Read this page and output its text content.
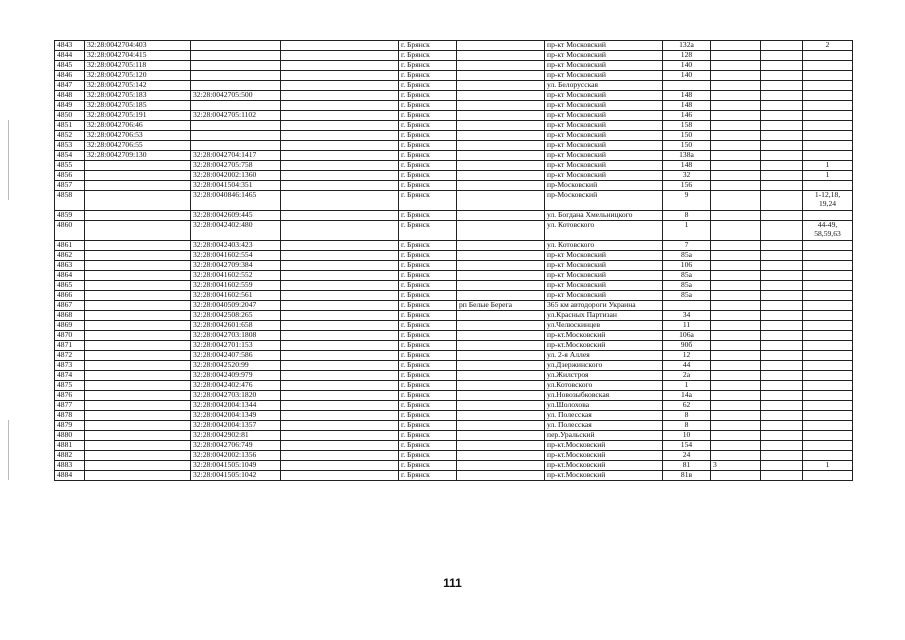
4843	32:28:0042704:403			г. Брянск		пр-кт Московский	132а			2

4844	32:28:0042704:415			г. Брянск		пр-кт Московский	128			
4845	32:28:0042705:118			г. Брянск		пр-кт Московский	140			
4846	32:28:0042705:120			г. Брянск		пр-кт Московский	140			
4847	32:28:0042705:142			г. Брянск		ул. Белорусская				
4848	32:28:0042705:183	32:28:0042705:500		г. Брянск		пр-кт Московский	148			
4849	32:28:0042705:185			г. Брянск		пр-кт Московский	148			
4850	32:28:0042705:191	32:28:0042705:1102		г. Брянск		пр-кт Московский	146			
4851	32:28:0042706:46			г. Брянск		пр-кт Московский	158			
4852	32:28:0042706:53			г. Брянск		пр-кт Московский	150			
4853	32:28:0042706:55			г. Брянск		пр-кт Московский	150			
4854	32:28:0042709:130	32:28:0042704:1417		г. Брянск		пр-кт Московский	138а			
4855		32:28:0042705:758		г. Брянск		пр-кт Московский	148			1

4856		32:28:0042002:1360		г. Брянск		пр-кт Московский	32			1

4857		32:28:0041504:351		г. Брянск		пр-Московский	156			
4858		32:28:0040846:1465		г. Брянск		пр-Московский	9			1-12,18,
19,24

4859		32:28:0042609:445		г. Брянск		ул. Богдана Хмельницкого	8			
4860		32:28:0042402:480		г. Брянск		ул. Котовского	1			44-49,
58,59,63

4861		32:28:0042403:423		г. Брянск		ул. Котовского	7			
4862		32:28:0041602:554		г. Брянск		пр-кт Московский	85а			
4863		32:28:0042709:384		г. Брянск		пр-кт Московский	106			
4864		32:28:0041602:552		г. Брянск		пр-кт Московский	85а			
4865		32:28:0041602:559		г. Брянск		пр-кт Московский	85а			
4866		32:28:0041602:561		г. Брянск		пр-кт Московский	85а			
4867		32:28:0040509:2047		г. Брянск	рп Белые Берега	365 км автодороги Украина				
4868		32:28:0042508:265		г. Брянск		ул.Красных Партизан	34			
4869		32:28:0042601:658		г. Брянск		ул.Челюскинцев	11			
4870		32:28:0042703:1808		г. Брянск		пр-кт.Московский	106а			
4871		32:28:0042701:153		г. Брянск		пр-кт.Московский	90б			
4872		32:28:0042407:586		г. Брянск		ул. 2-я Аллея	12			
4873		32:28:0042520:99		г. Брянск		ул.Дзержинского	44			
4874		32:28:0042409:979		г. Брянск		ул.Жилстроя	2а			
4875		32:28:0042402:476		г. Брянск		ул.Котовского	1			
4876		32:28:0042703:1820		г. Брянск		ул.Новозыбковская	14а			
4877		32:28:0042004:1344		г. Брянск		ул.Шолохова	62			
4878		32:28:0042004:1349		г. Брянск		ул. Полесская	8			
4879		32:28:0042004:1357		г. Брянск		ул. Полесская	8			
4880		32:28:0042902:81		г. Брянск		пер.Уральский	10			
4881		32:28:0042706:749		г. Брянск		пр-кт.Московский	154			
4882		32:28:0042002:1356		г. Брянск		пр-кт.Московский	24			
4883		32:28:0041505:1049		г. Брянск		пр-кт.Московский	81	3		1

4884		32:28:0041505:1042		г. Брянск		пр-кт.Московский	81в			
111
